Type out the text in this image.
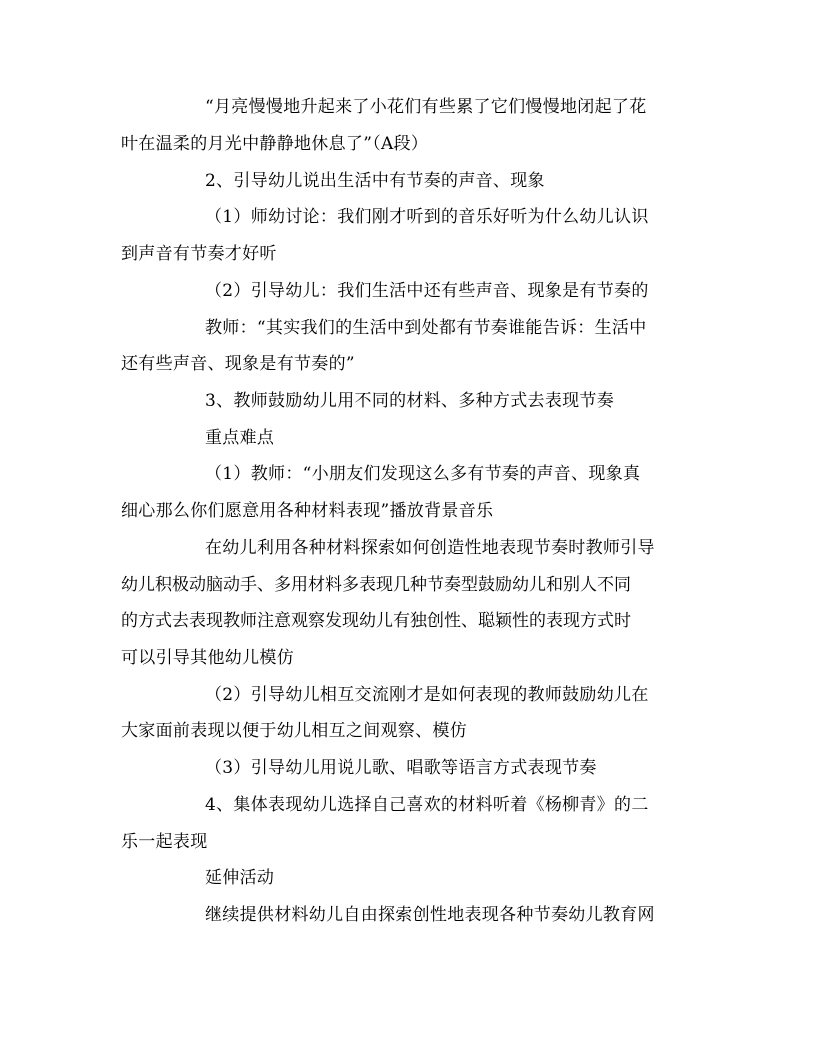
“月亮慢慢地升起来了小花们有些累了它们慢慢地闭起了花
叶在温柔的月光中静静地休息了”（A段）
2、引导幼儿说出生活中有节奏的声音、现象
（1）师幼讨论：我们刚才听到的音乐好听为什么幼儿认识
到声音有节奏才好听
（2）引导幼儿：我们生活中还有些声音、现象是有节奏的
教师：“其实我们的生活中到处都有节奏谁能告诉：生活中
还有些声音、现象是有节奏的”
3、教师鼓励幼儿用不同的材料、多种方式去表现节奏
重点难点
（1）教师：“小朋友们发现这么多有节奏的声音、现象真
细心那么你们愿意用各种材料表现”播放背景音乐
在幼儿利用各种材料探索如何创造性地表现节奏时教师引导
幼儿积极动脑动手、多用材料多表现几种节奏型鼓励幼儿和别人不同
的方式去表现教师注意观察发现幼儿有独创性、聪颖性的表现方式时
可以引导其他幼儿模仿
（2）引导幼儿相互交流刚才是如何表现的教师鼓励幼儿在
大家面前表现以便于幼儿相互之间观察、模仿
（3）引导幼儿用说儿歌、唱歌等语言方式表现节奏
4、集体表现幼儿选择自己喜欢的材料听着《杨柳青》的二
乐一起表现
延伸活动
继续提供材料幼儿自由探索创性地表现各种节奏幼儿教育网
